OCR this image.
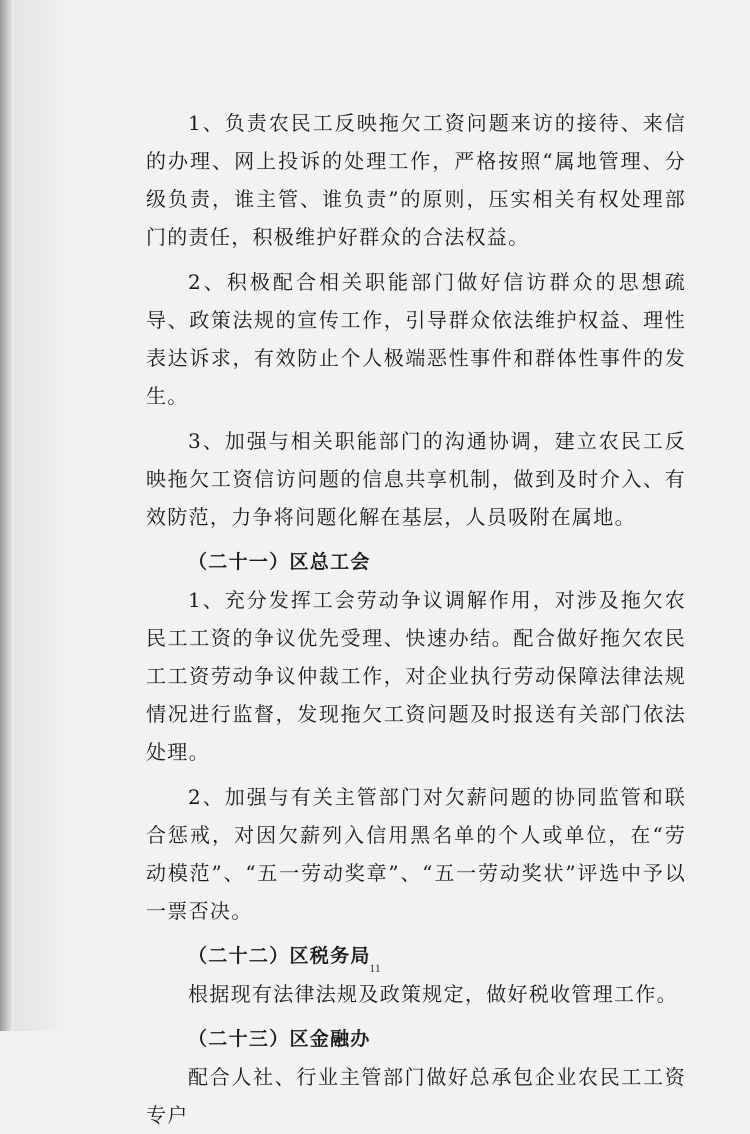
1、负责农民工反映拖欠工资问题来访的接待、来信的办理、网上投诉的处理工作，严格按照“属地管理、分级负责，谁主管、谁负责”的原则，压实相关有权处理部门的责任，积极维护好群众的合法权益。

2、积极配合相关职能部门做好信访群众的思想疏导、政策法规的宣传工作，引导群众依法维护权益、理性表达诉求，有效防止个人极端恶性事件和群体性事件的发生。

3、加强与相关职能部门的沟通协调，建立农民工反映拖欠工资信访问题的信息共享机制，做到及时介入、有效防范，力争将问题化解在基层，人员吸附在属地。

（二十一）区总工会

1、充分发挥工会劳动争议调解作用，对涉及拖欠农民工工资的争议优先受理、快速办结。配合做好拖欠农民工工资劳动争议仲裁工作，对企业执行劳动保障法律法规情况进行监督，发现拖欠工资问题及时报送有关部门依法处理。

2、加强与有关主管部门对欠薪问题的协同监管和联合惩戒，对因欠薪列入信用黑名单的个人或单位，在“劳动模范”、“五一劳动奖章”、“五一劳动奖状”评选中予以一票否决。

（二十二）区税务局

根据现有法律法规及政策规定，做好税收管理工作。

（二十三）区金融办

配合人社、行业主管部门做好总承包企业农民工工资专户

11
